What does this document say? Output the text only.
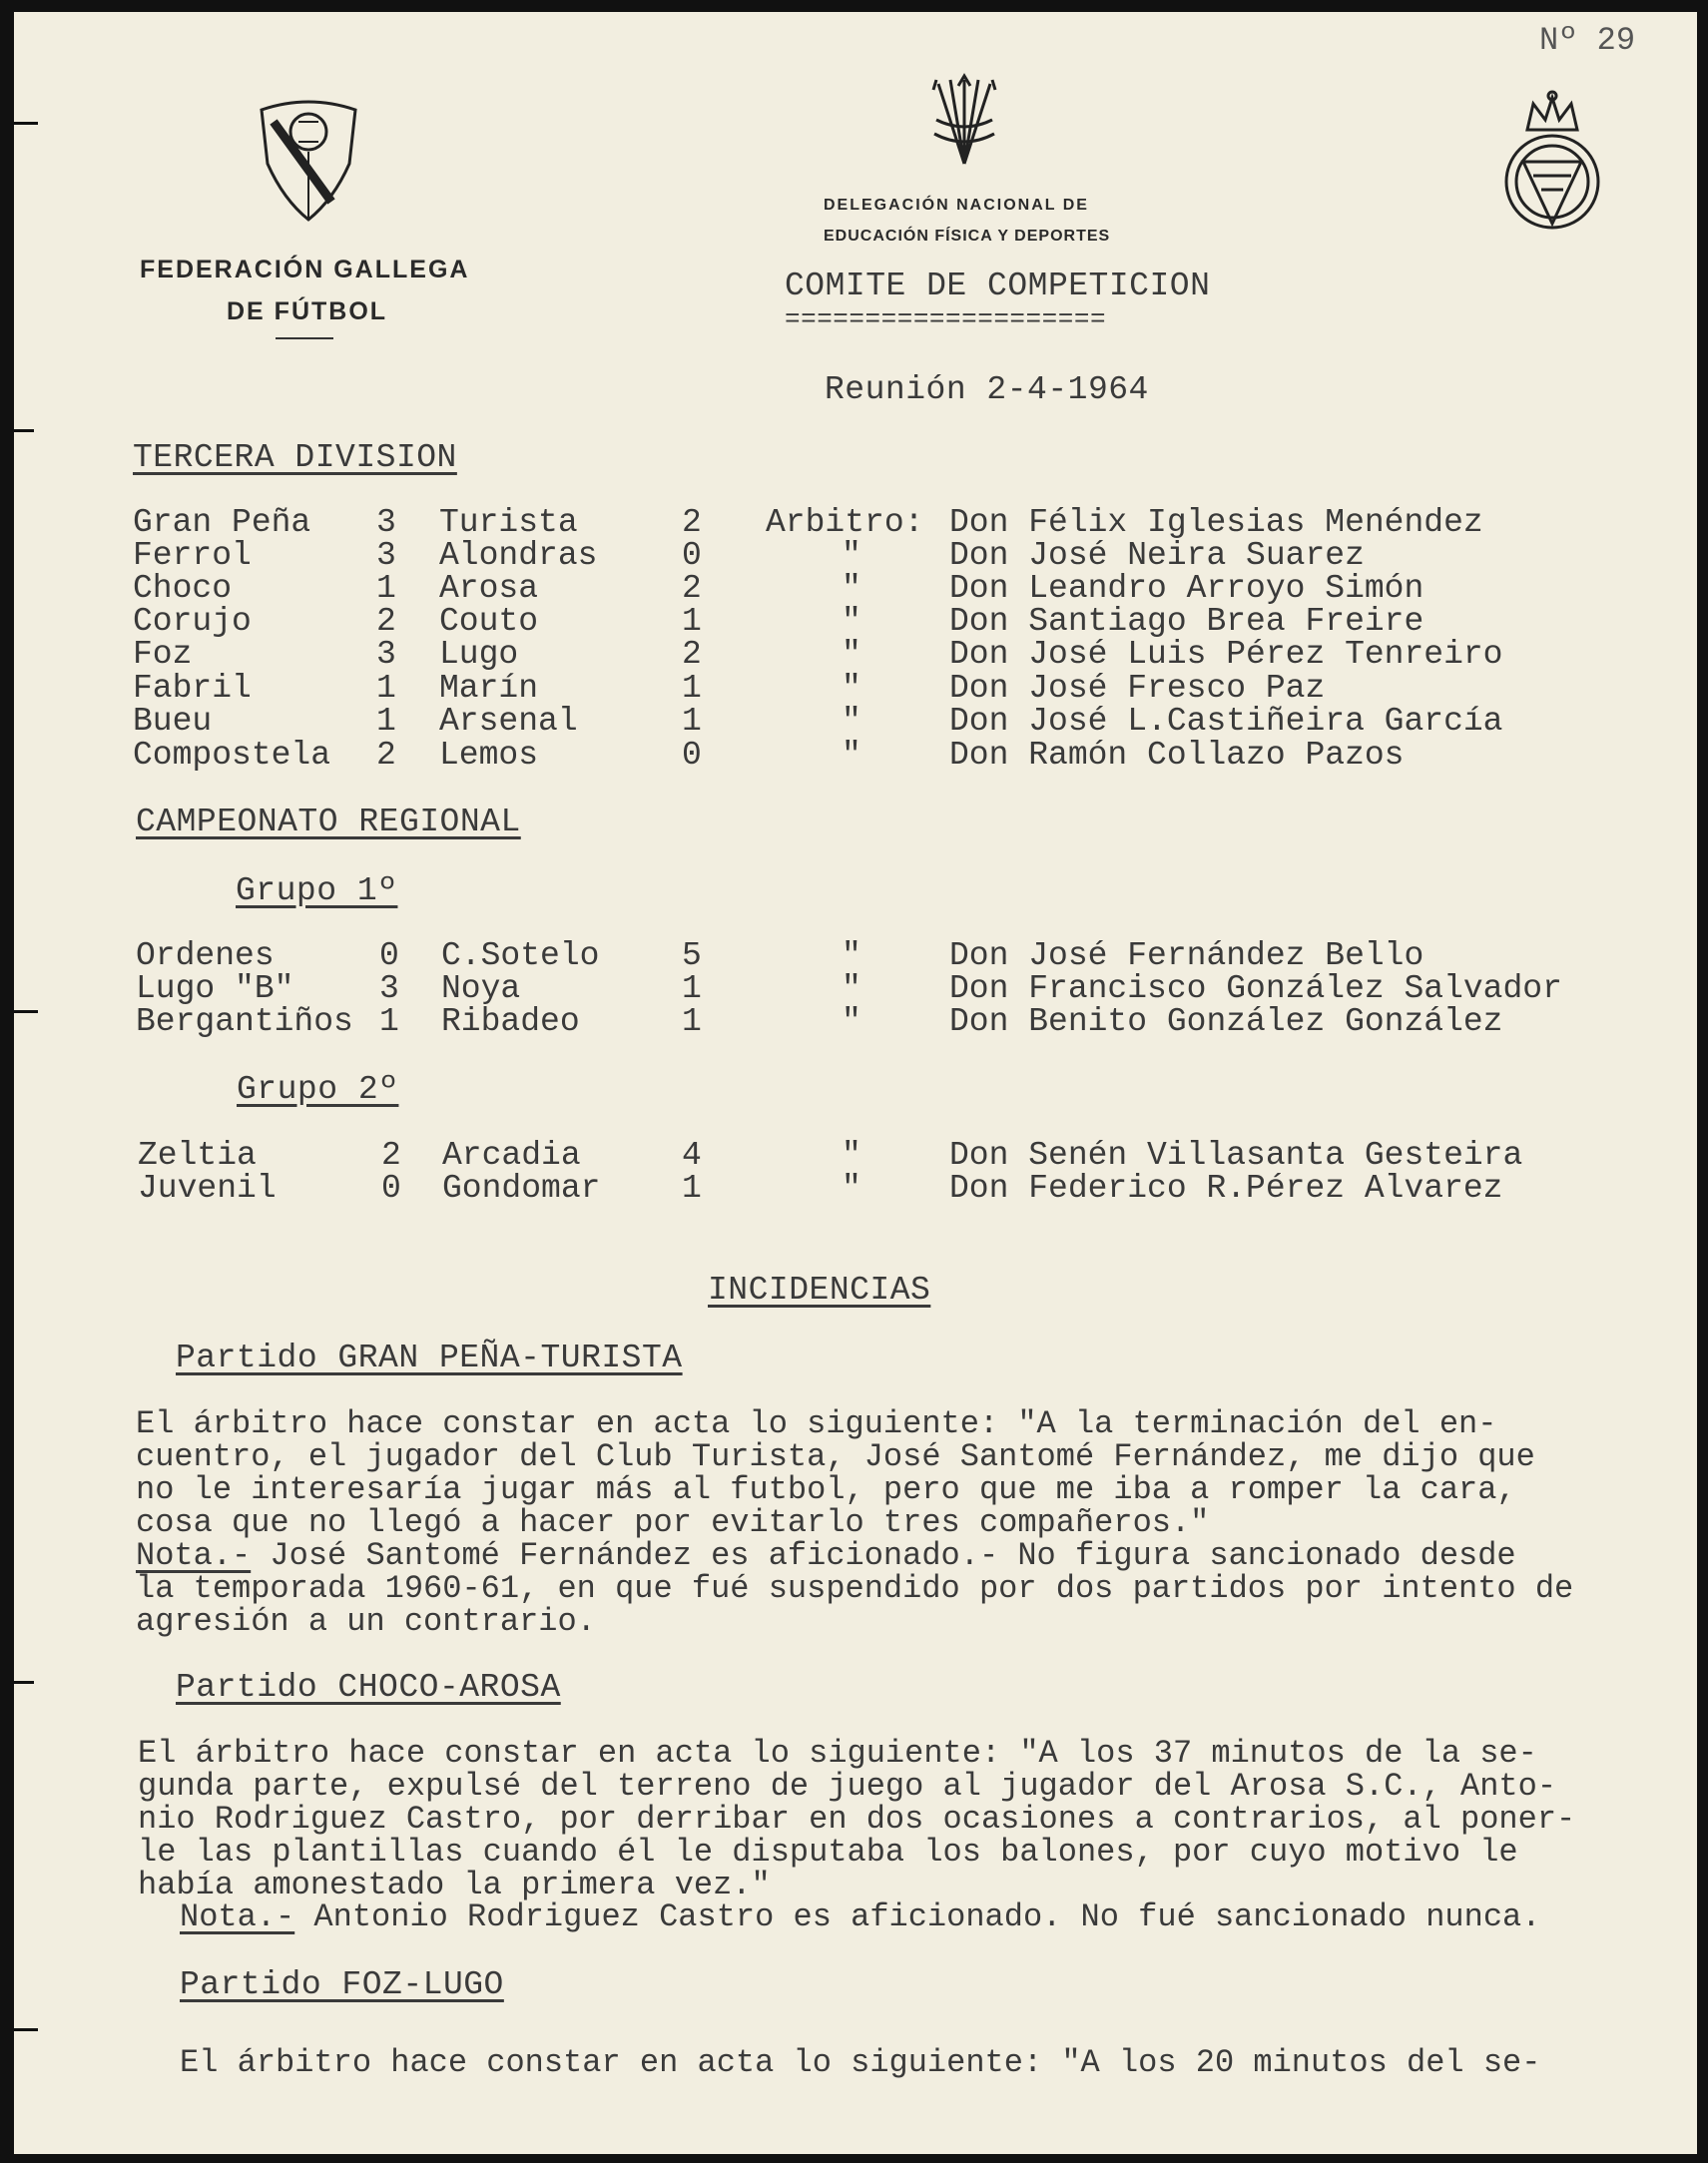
Nº 29
FEDERACIÓN GALLEGA
DE FÚTBOL
DELEGACIÓN NACIONAL DE
EDUCACIÓN FÍSICA Y DEPORTES
COMITE DE COMPETICION
====================
Reunión 2-4-1964
TERCERA DIVISION
Gran Peña 3 Turista	2 Arbitro: Don Félix Iglesias Menéndez
Ferrol	3 Alondras	0	"	Don José Neira Suarez
Choco	1 Arosa	2	"	Don Leandro Arroyo Simón
Corujo	2 Couto	1	"	Don Santiago Brea Freire
Foz	3 Lugo	2	"	Don José Luis Pérez Tenreiro
Fabril	1 Marín	1	"	Don José Fresco Paz
Bueu	1 Arsenal	1	"	Don José L.Castiñeira García
Compostela 2 Lemos	0	"	Don Ramón Collazo Pazos
CAMPEONATO REGIONAL
Grupo 1º
Ordenes	0 C.Sotelo	5	"	Don José Fernández Bello
Lugo "B"	3 Noya	1	"	Don Francisco González Salvador
Bergantiños 1 Ribadeo	1	"	Don Benito González González
Grupo 2º
Zeltia	2 Arcadia	4	"	Don Senén Villasanta Gesteira
Juvenil	0 Gondomar 1	"	Don Federico R.Pérez Alvarez
INCIDENCIAS
Partido GRAN PEÑA-TURISTA
El árbitro hace constar en acta lo siguiente: "A la terminación del en-
cuentro, el jugador del Club Turista, José Santomé Fernández, me dijo que
no le interesaría jugar más al futbol, pero que me iba a romper la cara,
cosa que no llegó a hacer por evitarlo tres compañeros."
Nota.- José Santomé Fernández es aficionado.- No figura sancionado desde
la temporada 1960-61, en que fué suspendido por dos partidos por intento de
agresión a un contrario.
Partido CHOCO-AROSA
El árbitro hace constar en acta lo siguiente: "A los 37 minutos de la se-
gunda parte, expulsé del terreno de juego al jugador del Arosa S.C., Anto-
nio Rodriguez Castro, por derribar en dos ocasiones a contrarios, al poner-
le las plantillas cuando él le disputaba los balones, por cuyo motivo le
había amonestado la primera vez."
Nota.- Antonio Rodriguez Castro es aficionado. No fué sancionado nunca.
Partido FOZ-LUGO
El árbitro hace constar en acta lo siguiente: "A los 20 minutos del se-
